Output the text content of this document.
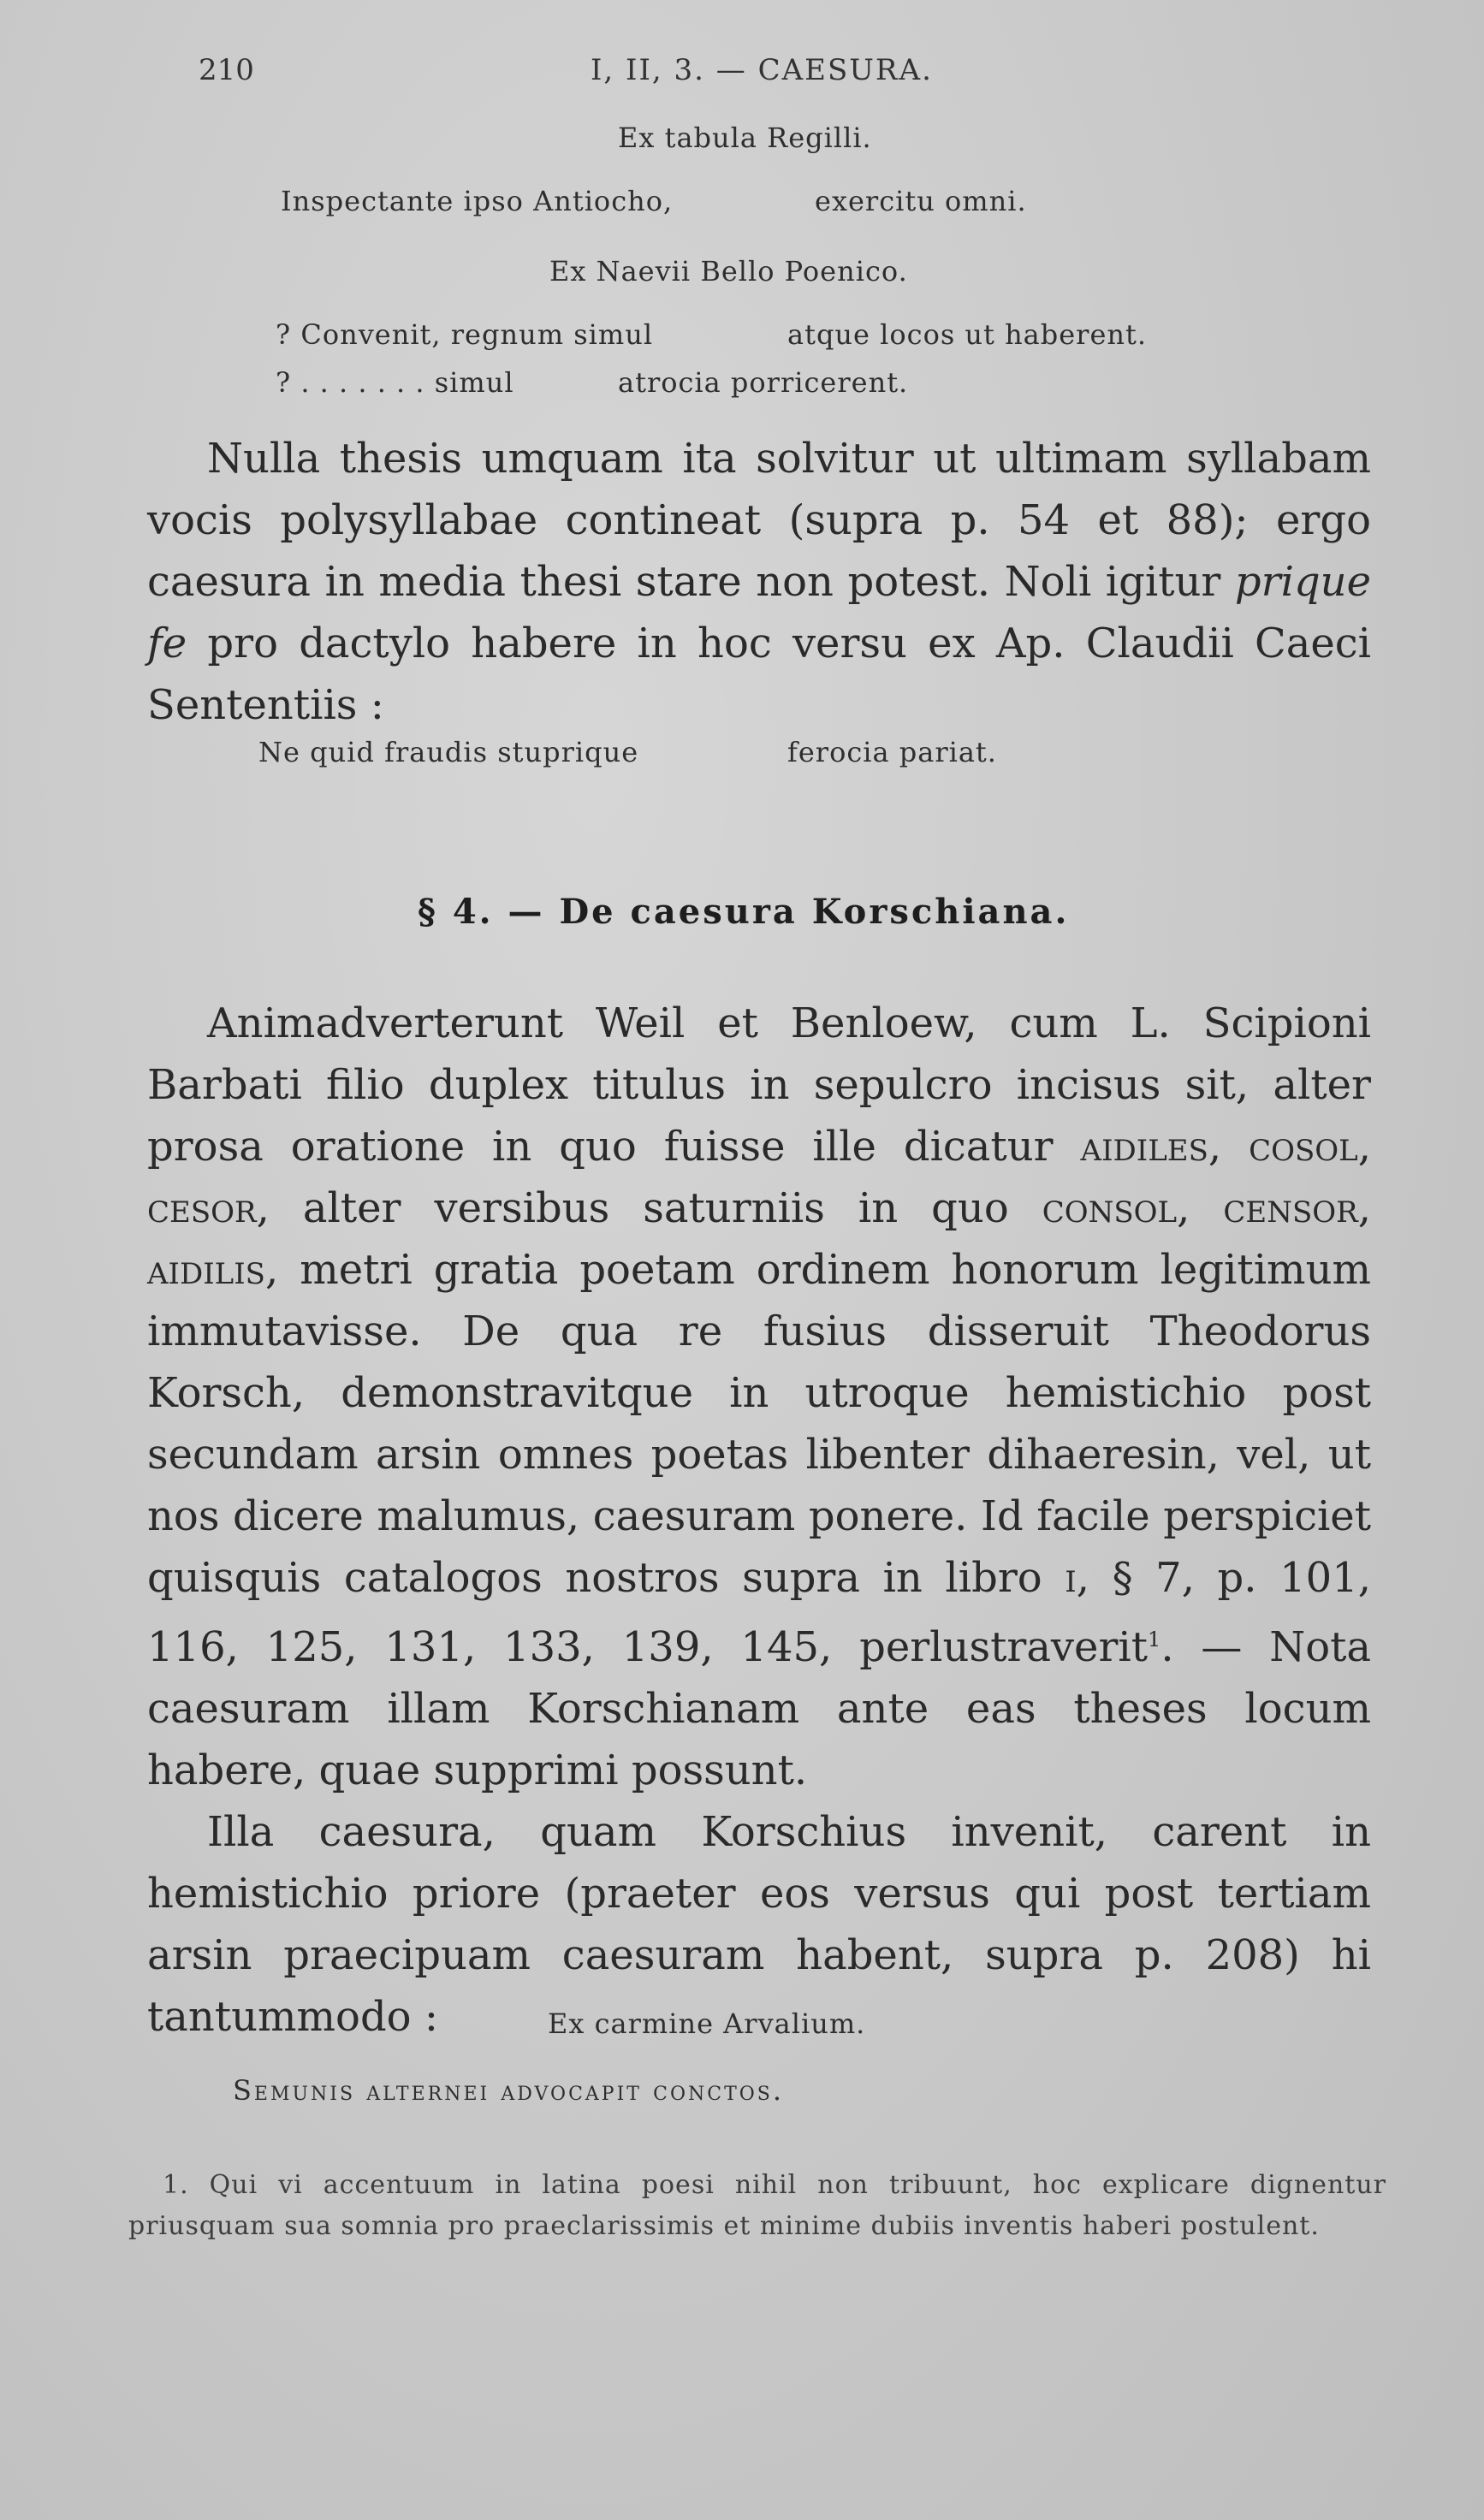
210	I, II, 3. — CAESURA.
Ex tabula Regilli.
Inspectante ipso Antiocho,	exercitu omni.
Ex Naevii Bello Poenico.
? Convenit, regnum simul	atque locos ut haberent.
? . . . . . . . simul	atrocia porricerent.

Nulla thesis umquam ita solvitur ut ultimam syllabam vocis polysyllabae contineat (supra p. 54 et 88); ergo caesura in media thesi stare non potest. Noli igitur prique fe pro dactylo habere in hoc versu ex Ap. Claudii Caeci Sententiis :

Ne quid fraudis stuprique	ferocia pariat.
§ 4. — De caesura Korschiana.

Animadverterunt Weil et Benloew, cum L. Scipioni Barbati filio duplex titulus in sepulcro incisus sit, alter prosa oratione in quo fuisse ille dicatur aidiles, cosol, cesor, alter versibus saturniis in quo consol, censor, aidilis, metri gratia poetam ordinem honorum legitimum immutavisse. De qua re fusius disseruit Theodorus Korsch, demonstravitque in utroque hemistichio post secundam arsin omnes poetas libenter dihaeresin, vel, ut nos dicere malumus, caesuram ponere. Id facile perspiciet quisquis catalogos nostros supra in libro i, § 7, p. 101, 116, 125, 131, 133, 139, 145, perlustraverit$^1$. — Nota caesuram illam Korschianam ante eas theses locum habere, quae supprimi possunt.

Illa caesura, quam Korschius invenit, carent in hemistichio priore (praeter eos versus qui post tertiam arsin praecipuam caesuram habent, supra p. 208) hi tantummodo :	Ex carmine Arvalium.
Semunis alternei advocapit conctos.

1. Qui vi accentuum in latina poesi nihil non tribuunt, hoc explicare dignentur priusquam sua somnia pro praeclarissimis et minime dubiis inventis haberi postulent.
